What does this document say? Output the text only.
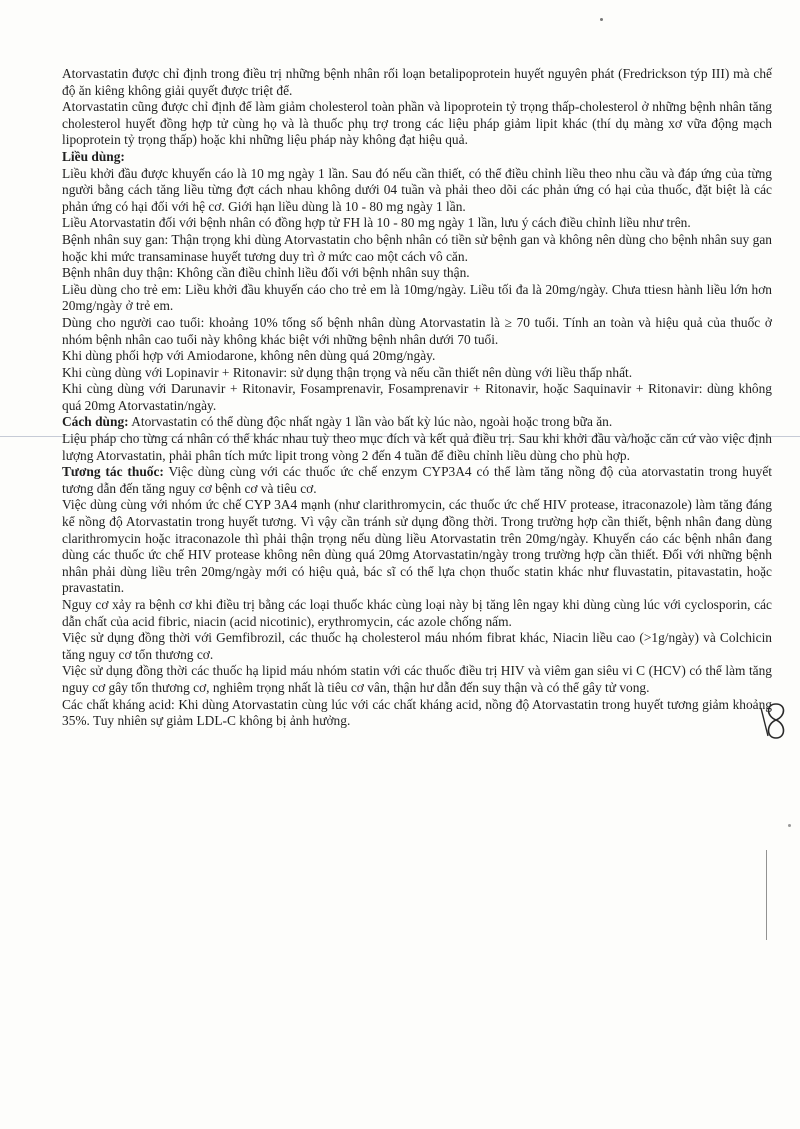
Atorvastatin được chỉ định trong điều trị những bệnh nhân rối loạn betalipoprotein huyết nguyên phát (Fredrickson týp III) mà chế độ ăn kiêng không giải quyết được triệt để.

Atorvastatin cũng được chỉ định để làm giảm cholesterol toàn phần và lipoprotein tỷ trọng thấp-cholesterol ở những bệnh nhân tăng cholesterol huyết đồng hợp tử cùng họ và là thuốc phụ trợ trong các liệu pháp giảm lipit khác (thí dụ màng xơ vữa động mạch lipoprotein tỷ trọng thấp) hoặc khi những liệu pháp này không đạt hiệu quả.

Liều dùng:

Liều khởi đầu được khuyến cáo là 10 mg ngày 1 lần. Sau đó nếu cần thiết, có thể điều chỉnh liều theo nhu cầu và đáp ứng của từng người bằng cách tăng liều từng đợt cách nhau không dưới 04 tuần và phải theo dõi các phản ứng có hại của thuốc, đặt biệt là các phản ứng có hại đối với hệ cơ. Giới hạn liều dùng là 10 - 80 mg ngày 1 lần.

Liều Atorvastatin đối với bệnh nhân có đồng hợp tử FH là 10 - 80 mg ngày 1 lần, lưu ý cách điều chỉnh liều như trên.

Bệnh nhân suy gan: Thận trọng khi dùng Atorvastatin cho bệnh nhân có tiền sử bệnh gan và không nên dùng cho bệnh nhân suy gan hoặc khi mức transaminase huyết tương duy trì ở mức cao một cách vô căn.

Bệnh nhân duy thận: Không cần điều chỉnh liều đối với bệnh nhân suy thận.

Liều dùng cho trẻ em: Liều khởi đầu khuyến cáo cho trẻ em là 10mg/ngày. Liều tối đa là 20mg/ngày. Chưa ttiesn hành liều lớn hơn 20mg/ngày ở trẻ em.

Dùng cho người cao tuổi: khoảng 10% tổng số bệnh nhân dùng Atorvastatin là ≥ 70 tuổi. Tính an toàn và hiệu quả của thuốc ở nhóm bệnh nhân cao tuổi này không khác biệt với những bệnh nhân dưới 70 tuổi.

Khi dùng phối hợp với Amiodarone, không nên dùng quá 20mg/ngày.

Khi cùng dùng với Lopinavir + Ritonavir: sử dụng thận trọng và nếu cần thiết nên dùng với liều thấp nhất.

Khi cùng dùng với Darunavir + Ritonavir, Fosamprenavir, Fosamprenavir + Ritonavir, hoặc Saquinavir + Ritonavir: dùng không quá 20mg Atorvastatin/ngày.

Cách dùng: Atorvastatin có thể dùng độc nhất ngày 1 lần vào bất kỳ lúc nào, ngoài hoặc trong bữa ăn.

Liệu pháp cho từng cá nhân có thể khác nhau tuỳ theo mục đích và kết quả điều trị. Sau khi khởi đầu và/hoặc căn cứ vào việc định lượng Atorvastatin, phải phân tích mức lipit trong vòng 2 đến 4 tuần để điều chỉnh liều dùng cho phù hợp.

Tương tác thuốc: Việc dùng cùng với các thuốc ức chế enzym CYP3A4 có thể làm tăng nồng độ của atorvastatin trong huyết tương dẫn đến tăng nguy cơ bệnh cơ và tiêu cơ.

Việc dùng cùng với nhóm ức chế CYP 3A4 mạnh (như clarithromycin, các thuốc ức chế HIV protease, itraconazole) làm tăng đáng kể nồng độ Atorvastatin trong huyết tương. Vì vậy cần tránh sử dụng đồng thời. Trong trường hợp cần thiết, bệnh nhân đang dùng clarithromycin hoặc itraconazole thì phải thận trọng nếu dùng liều Atorvastatin trên 20mg/ngày. Khuyến cáo các bệnh nhân đang dùng các thuốc ức chế HIV protease không nên dùng quá 20mg Atorvastatin/ngày trong trường hợp cần thiết. Đối với những bệnh nhân phải dùng liều trên 20mg/ngày mới có hiệu quả, bác sĩ có thể lựa chọn thuốc statin khác như fluvastatin, pitavastatin, hoặc pravastatin.

Nguy cơ xảy ra bệnh cơ khi điều trị bằng các loại thuốc khác cùng loại này bị tăng lên ngay khi dùng cùng lúc với cyclosporin, các dẫn chất của acid fibric, niacin (acid nicotinic), erythromycin, các azole chống nấm.

Việc sử dụng đồng thời với Gemfibrozil, các thuốc hạ cholesterol máu nhóm fibrat khác, Niacin liều cao (>1g/ngày) và Colchicin tăng nguy cơ tổn thương cơ.

Việc sử dụng đồng thời các thuốc hạ lipid máu nhóm statin với các thuốc điều trị HIV và viêm gan siêu vi C (HCV) có thể làm tăng nguy cơ gây tổn thương cơ, nghiêm trọng nhất là tiêu cơ vân, thận hư dẫn đến suy thận và có thể gây tử vong.

Các chất kháng acid: Khi dùng Atorvastatin cùng lúc với các chất kháng acid, nồng độ Atorvastatin trong huyết tương giảm khoảng 35%. Tuy nhiên sự giảm LDL-C không bị ảnh hưởng.
